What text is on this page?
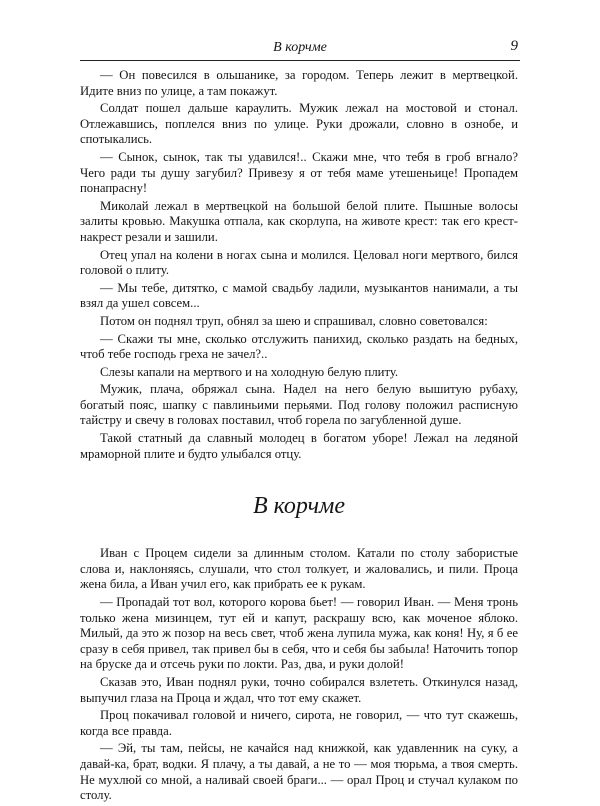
В корчме	9

— Он повесился в ольшанике, за городом. Теперь лежит в мертвецкой. Идите вниз по улице, а там покажут.

Солдат пошел дальше караулить. Мужик лежал на мостовой и стонал. Отлежавшись, поплелся вниз по улице. Руки дрожали, словно в ознобе, и спотыкались.

— Сынок, сынок, так ты удавился!.. Скажи мне, что тебя в гроб вгнало? Чего ради ты душу загубил? Привезу я от тебя маме утешеньице! Пропадем понапрасну!

Миколай лежал в мертвецкой на большой белой плите. Пышные волосы залиты кровью. Макушка отпала, как скорлупа, на животе крест: так его крест-накрест резали и зашили.

Отец упал на колени в ногах сына и молился. Целовал ноги мертвого, бился головой о плиту.

— Мы тебе, дитятко, с мамой свадьбу ладили, музыкантов нанимали, а ты взял да ушел совсем...

Потом он поднял труп, обнял за шею и спрашивал, словно советовался:

— Скажи ты мне, сколько отслужить панихид, сколько раздать на бедных, чтоб тебе господь греха не зачел?..

Слезы капали на мертвого и на холодную белую плиту.

Мужик, плача, обряжал сына. Надел на него белую вышитую рубаху, богатый пояс, шапку с павлиньими перьями. Под голову положил расписную тайстру и свечу в головах поставил, чтоб горела по загубленной душе.

Такой статный да славный молодец в богатом уборе! Лежал на ледяной мраморной плите и будто улыбался отцу.

В корчме

Иван с Процем сидели за длинным столом. Катали по столу забористые слова и, наклоняясь, слушали, что стол толкует, и жаловались, и пили. Проца жена била, а Иван учил его, как прибрать ее к рукам.

— Пропадай тот вол, которого корова бьет! — говорил Иван. — Меня тронь только жена мизинцем, тут ей и капут, раскрашу всю, как моченое яблоко. Милый, да это ж позор на весь свет, чтоб жена лупила мужа, как коня! Ну, я б ее сразу в себя привел, так привел бы в себя, что и себя бы забыла! Наточить топор на бруске да и отсечь руки по локти. Раз, два, и руки долой!

Сказав это, Иван поднял руки, точно собирался взлететь. Откинулся назад, выпучил глаза на Проца и ждал, что тот ему скажет.

Проц покачивал головой и ничего, сирота, не говорил, — что тут скажешь, когда все правда.

— Эй, ты там, пейсы, не качайся над книжкой, как удавленник на суку, а давай-ка, брат, водки. Я плачу, а ты давай, а не то — моя тюрьма, а твоя смерть. Не мухлюй со мной, а наливай своей браги... — орал Проц и стучал кулаком по столу.
